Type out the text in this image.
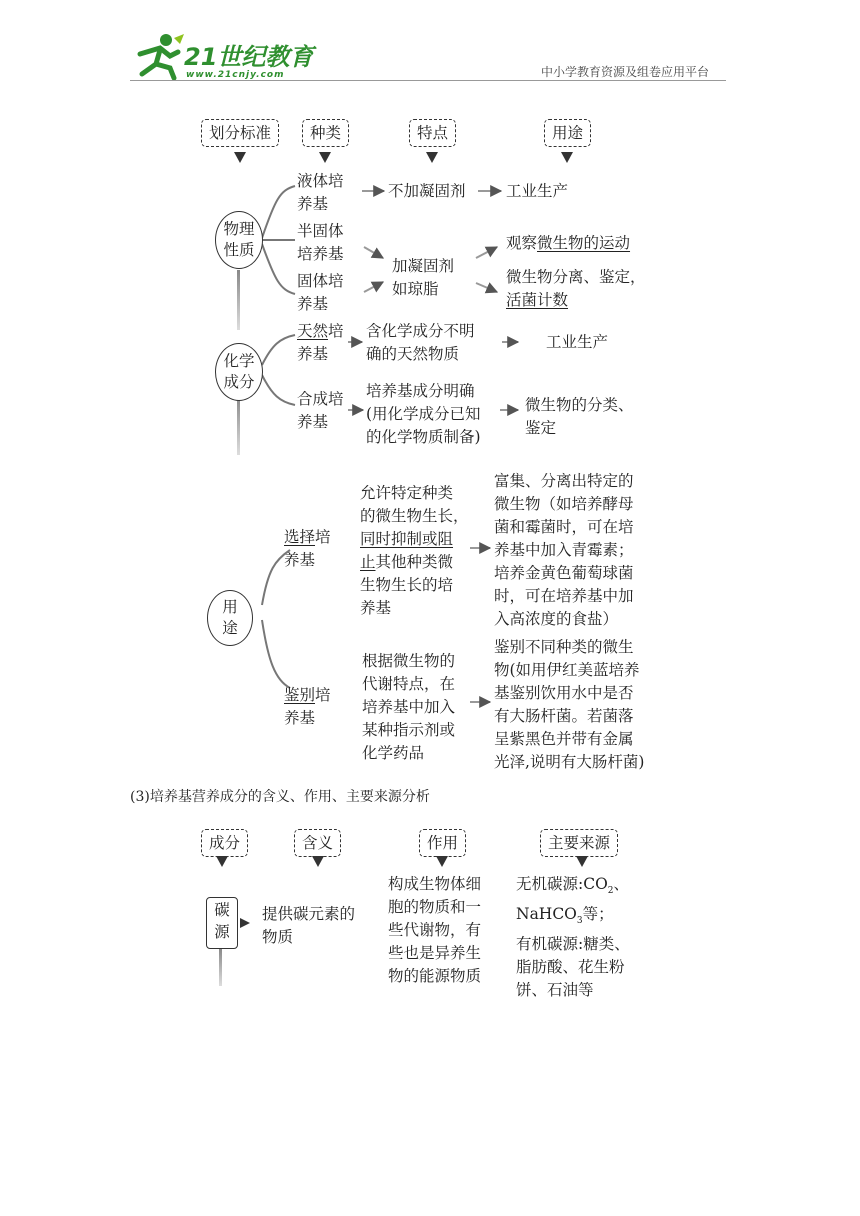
21世纪教育
www.21cnjy.com	中小学教育资源及组卷应用平台
划分标准	种类	特点	用途
物理
性质
液体培
养基
不加凝固剂	工业生产
半固体
培养基
固体培
养基
加凝固剂
如琼脂
观察微生物的运动
微生物分离、鉴定，
活菌计数
化学
成分
天然培
养基
含化学成分不明
确的天然物质
工业生产
合成培
养基
培养基成分明确
(用化学成分已知
的化学物质制备)
微生物的分类、
鉴定
用
途
选择培
养基
允许特定种类
的微生物生长，
同时抑制或阻
止其他种类微
生物生长的培
养基
富集、分离出特定的
微生物（如培养酵母
菌和霉菌时，可在培
养基中加入青霉素；
培养金黄色葡萄球菌
时，可在培养基中加
入高浓度的食盐）
鉴别培
养基
根据微生物的
代谢特点，在
培养基中加入
某种指示剂或
化学药品
鉴别不同种类的微生
物(如用伊红美蓝培养
基鉴别饮用水中是否
有大肠杆菌。若菌落
呈紫黑色并带有金属
光泽,说明有大肠杆菌)
(3)培养基营养成分的含义、作用、主要来源分析
成分	含义	作用	主要来源
碳
源
提供碳元素的
物质
构成生物体细
胞的物质和一
些代谢物，有
些也是异养生
物的能源物质
无机碳源$:CO_2$、
NaHCO$_3$等；
有机碳源:糖类、
脂肪酸、花生粉
饼、石油等
